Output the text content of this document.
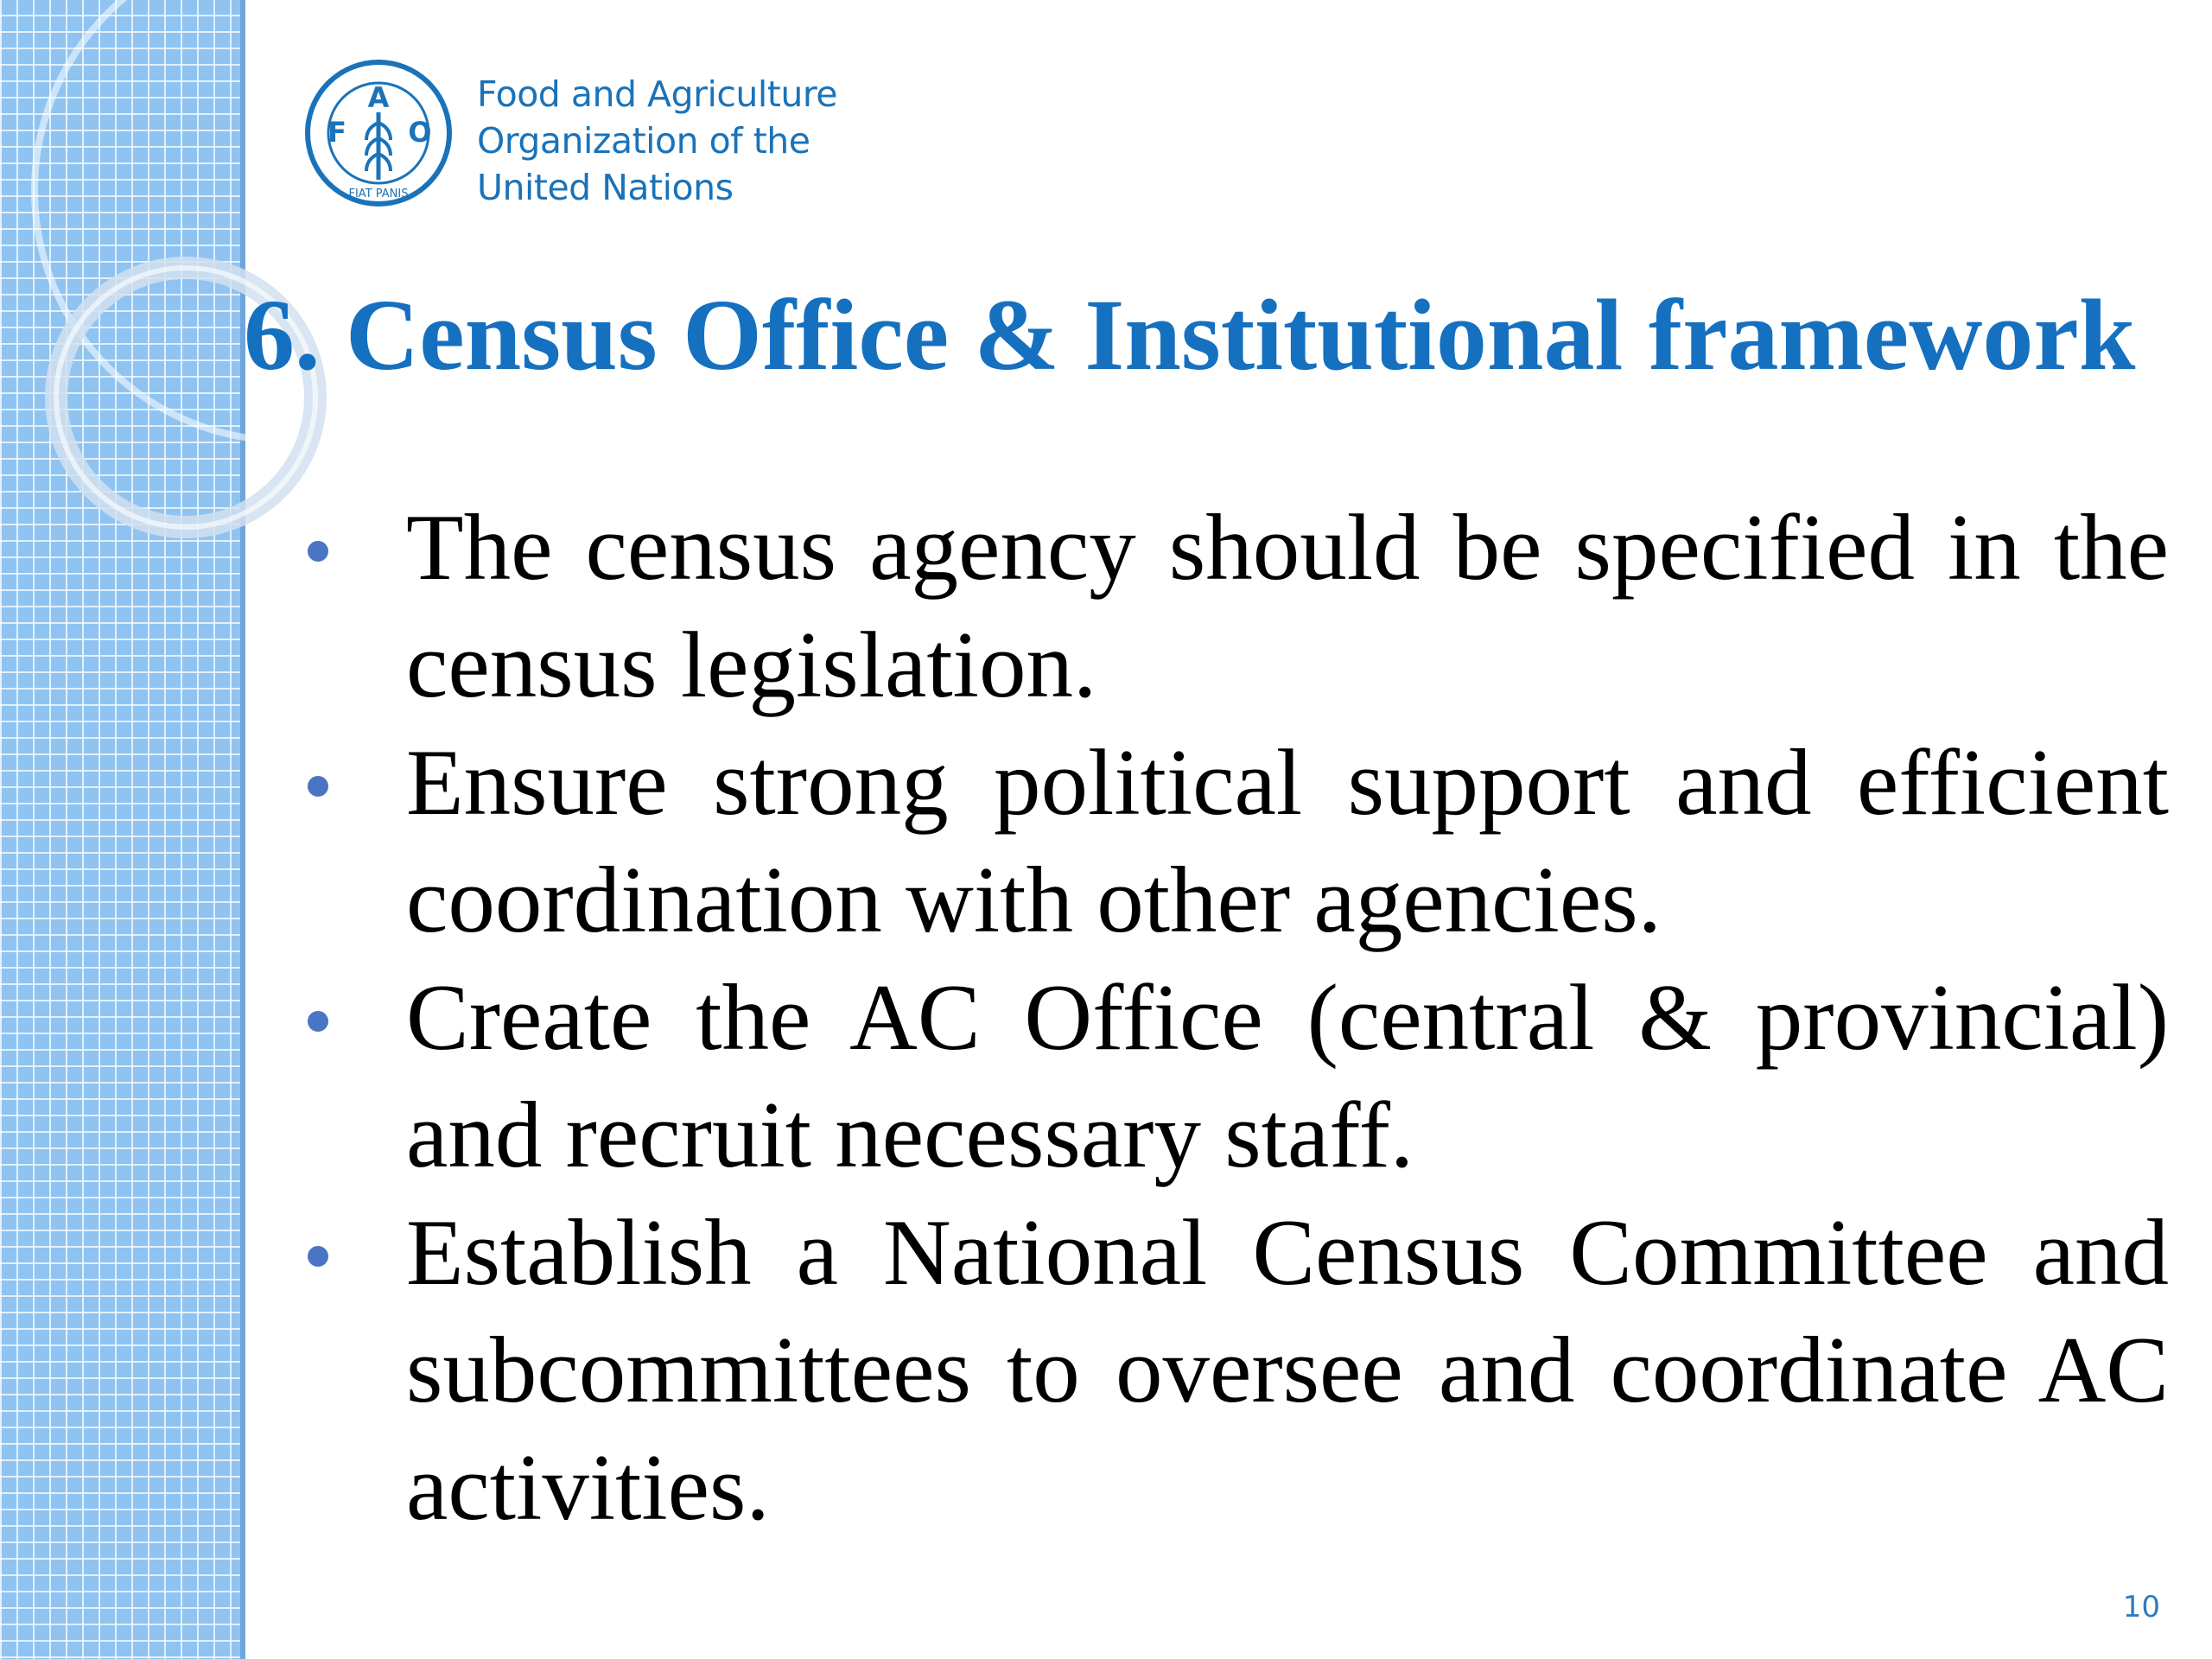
A
F O
FIAT PANIS
Food and Agriculture
Organization of the
United Nations
6. Census Office & Institutional framework
The census agency should be specified in the census legislation.
Ensure strong political support and efficient coordination with other agencies.
Create the AC Office (central & provincial) and recruit necessary staff.
Establish a National Census Committee and subcommittees to oversee and coordinate AC activities.
10
